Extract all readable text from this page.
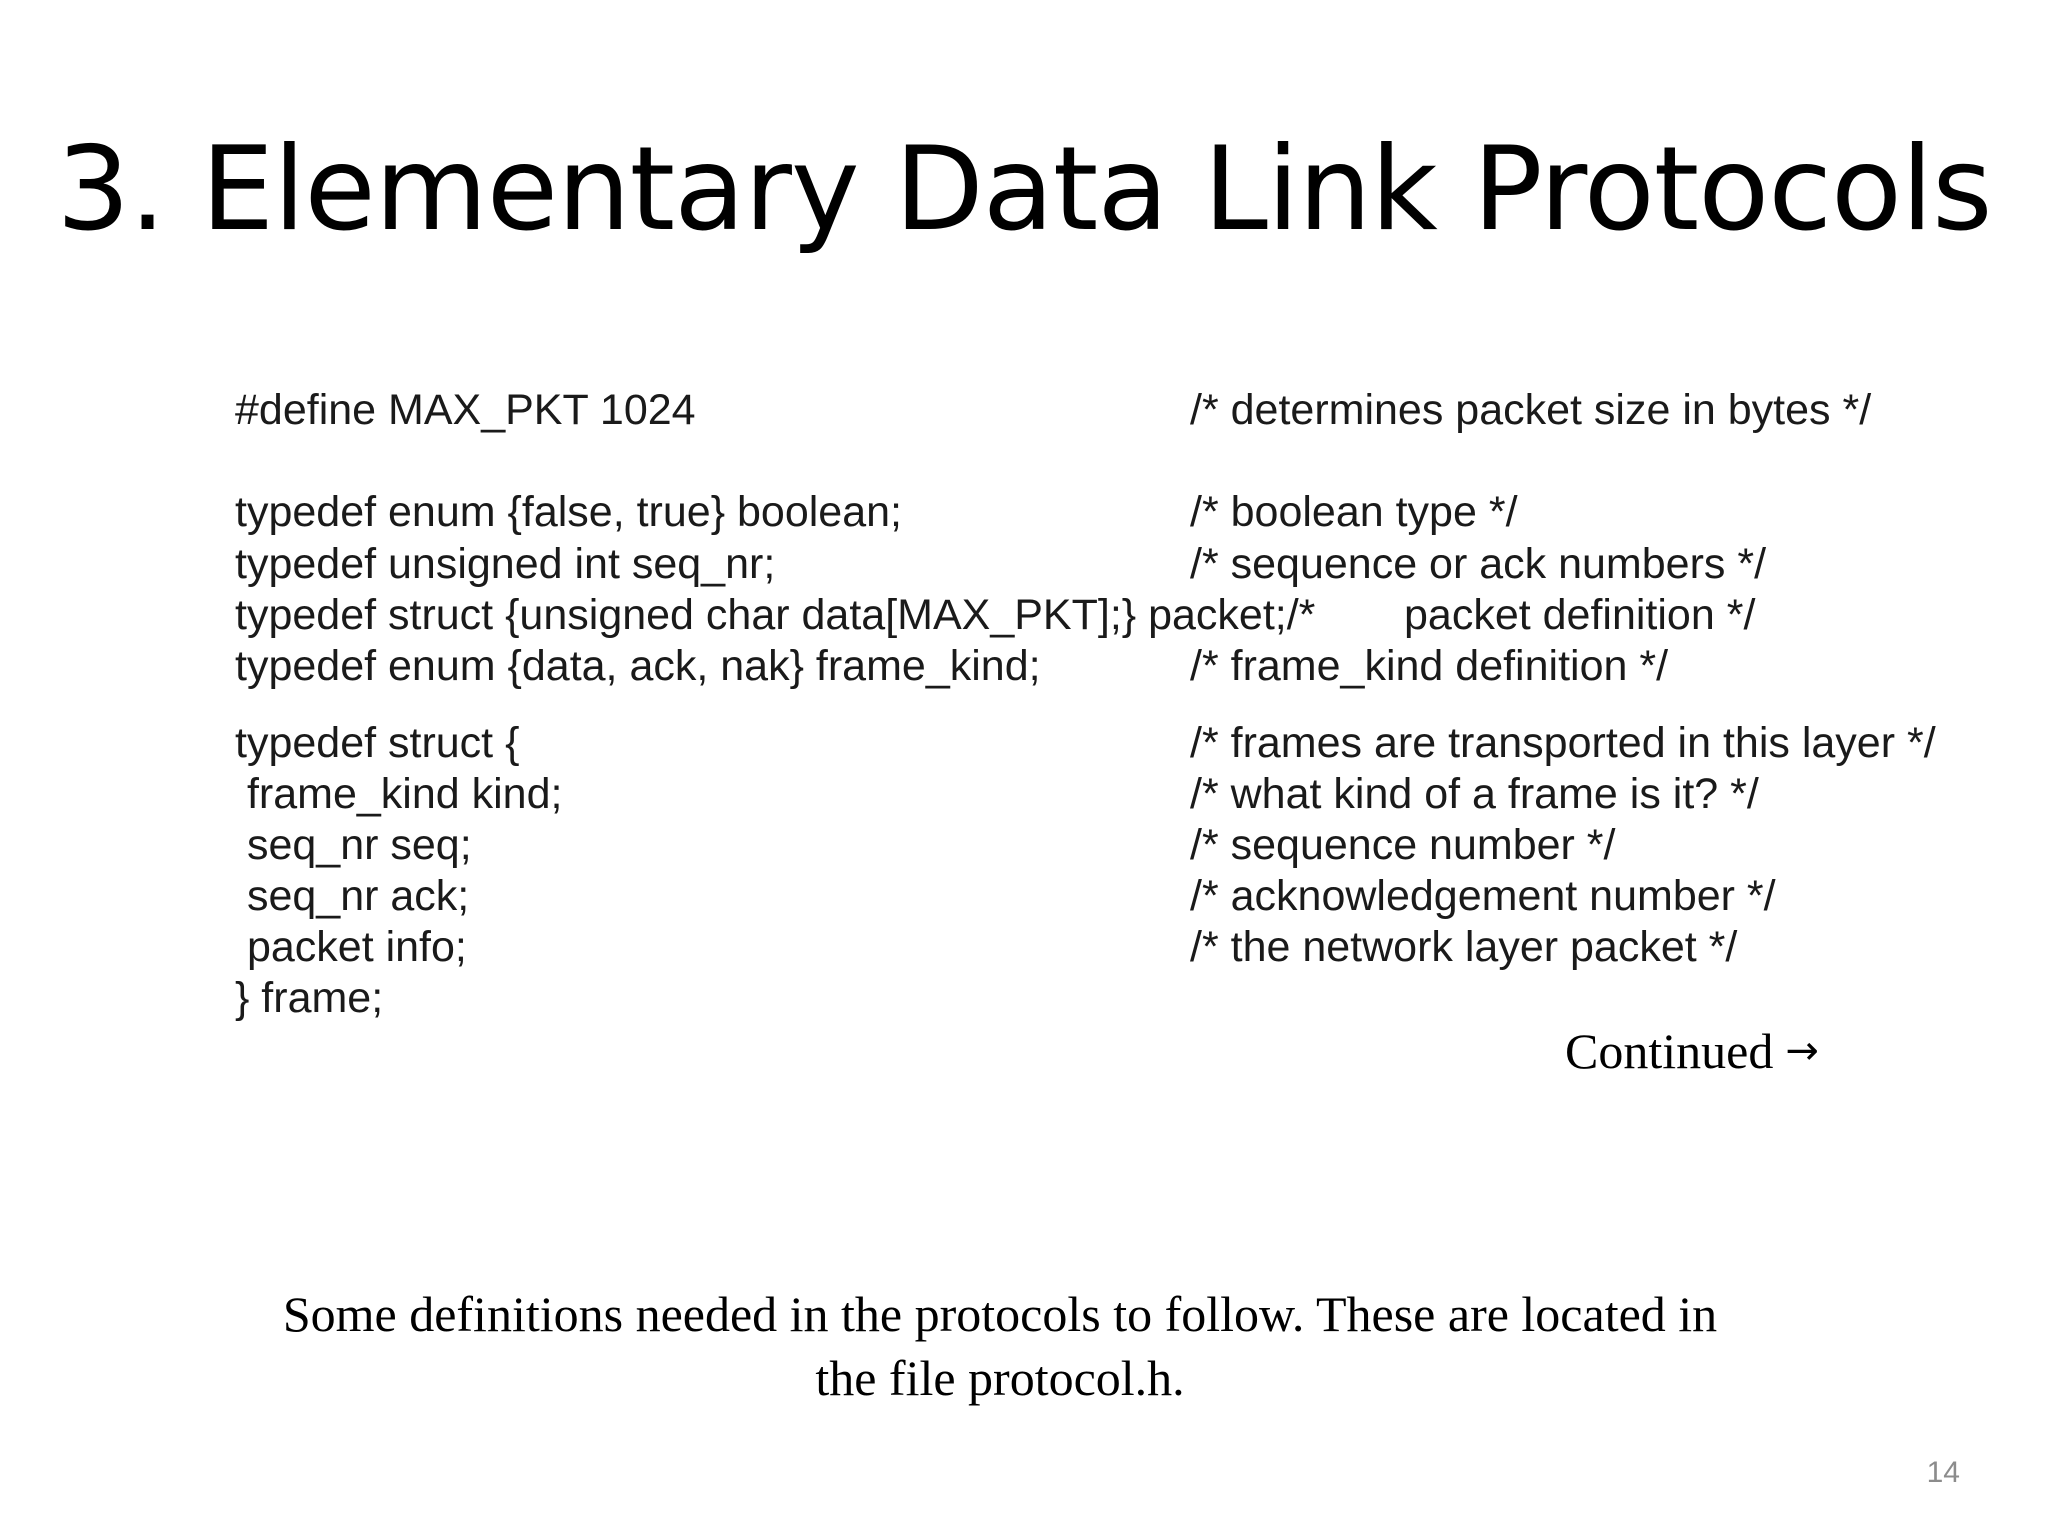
3. Elementary Data Link Protocols
#define MAX_PKT 1024	/* determines packet size in bytes */
typedef enum {false, true} boolean;	/* boolean type */
typedef unsigned int seq_nr;	/* sequence or ack numbers */
typedef struct {unsigned char data[MAX_PKT];} packet;/* packet definition */
typedef enum {data, ack, nak} frame_kind;	/* frame_kind definition */
typedef struct {	/* frames are transported in this layer */
frame_kind kind;	/* what kind of a frame is it? */
seq_nr seq;	/* sequence number */
seq_nr ack;	/* acknowledgement number */
packet info;	/* the network layer packet */
} frame;
Continued →
Some definitions needed in the protocols to follow. These are located in
the file protocol.h.
14
